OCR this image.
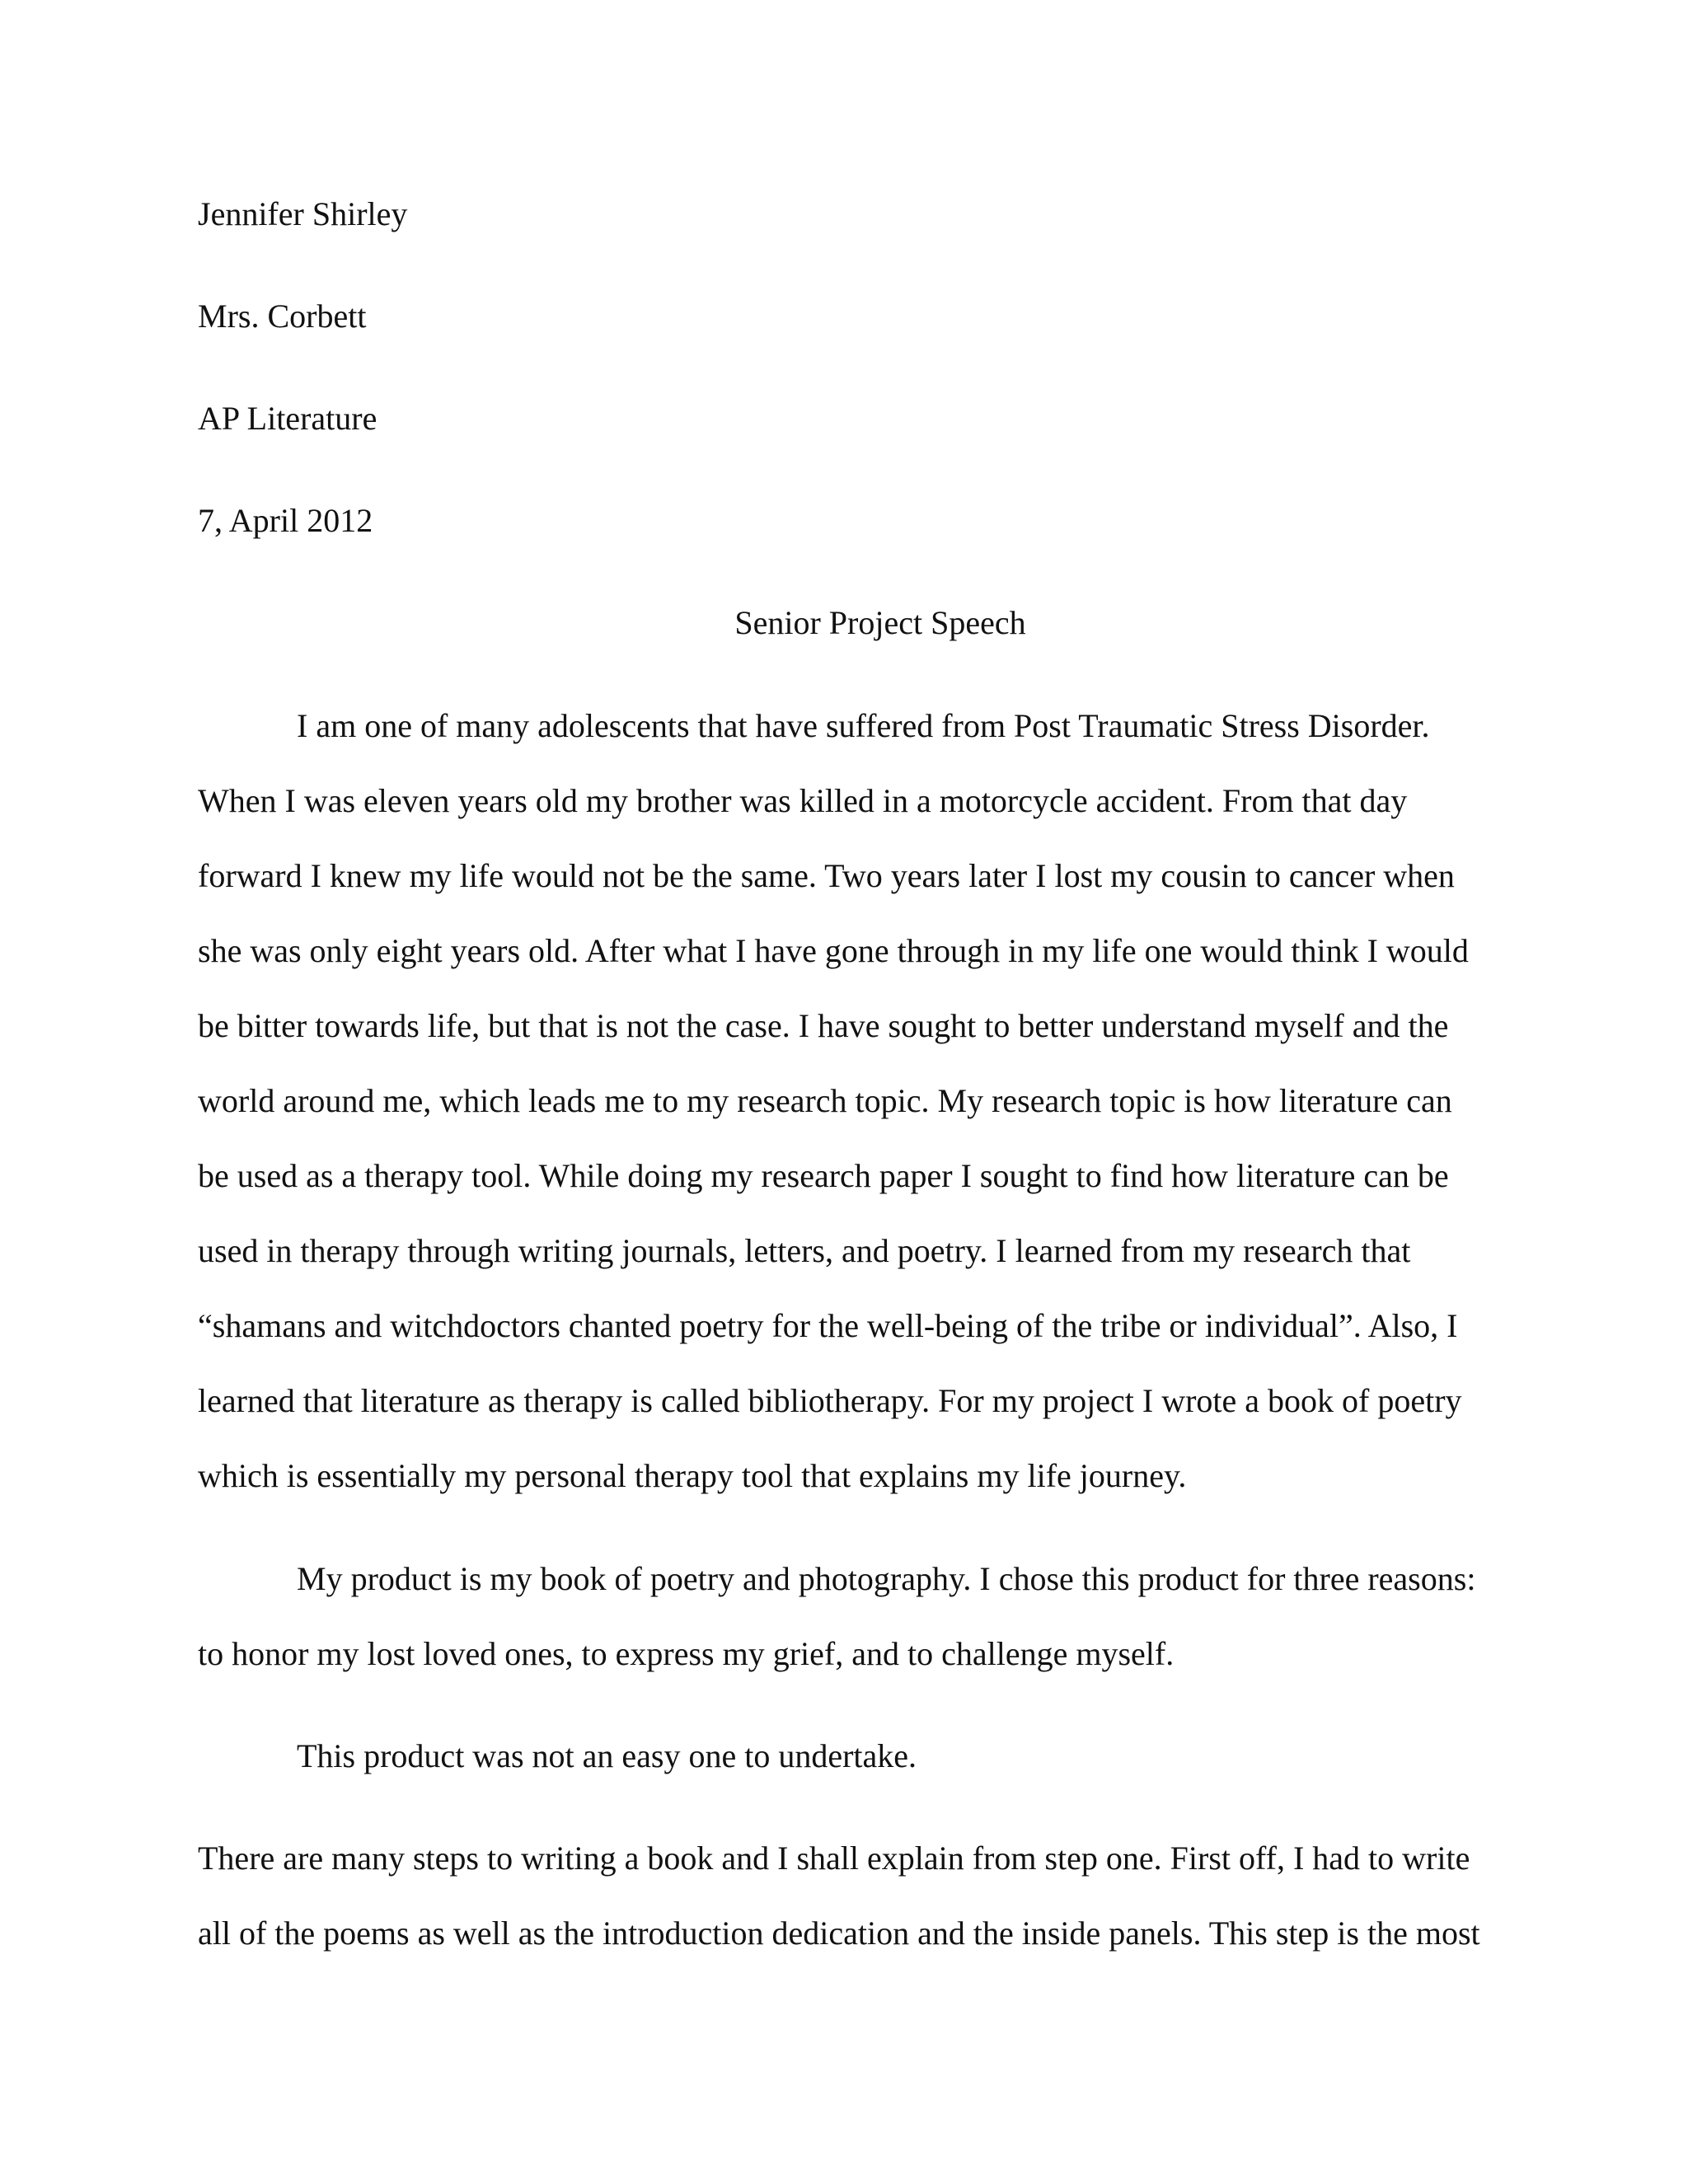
Jennifer Shirley
Mrs. Corbett
AP Literature
7, April 2012
Senior Project Speech
I am one of many adolescents that have suffered from Post Traumatic Stress Disorder.
When I was eleven years old my brother was killed in a motorcycle accident. From that day
forward I knew my life would not be the same. Two years later I lost my cousin to cancer when
she was only eight years old. After what I have gone through in my life one would think I would
be bitter towards life, but that is not the case. I have sought to better understand myself and the
world around me, which leads me to my research topic. My research topic is how literature can
be used as a therapy tool. While doing my research paper I sought to find how literature can be
used in therapy through writing journals, letters, and poetry. I learned from my research that
“shamans and witchdoctors chanted poetry for the well-being of the tribe or individual”. Also, I
learned that literature as therapy is called bibliotherapy. For my project I wrote a book of poetry
which is essentially my personal therapy tool that explains my life journey.
My product is my book of poetry and photography. I chose this product for three reasons:
to honor my lost loved ones, to express my grief, and to challenge myself.
This product was not an easy one to undertake.
There are many steps to writing a book and I shall explain from step one. First off, I had to write
all of the poems as well as the introduction dedication and the inside panels. This step is the most
